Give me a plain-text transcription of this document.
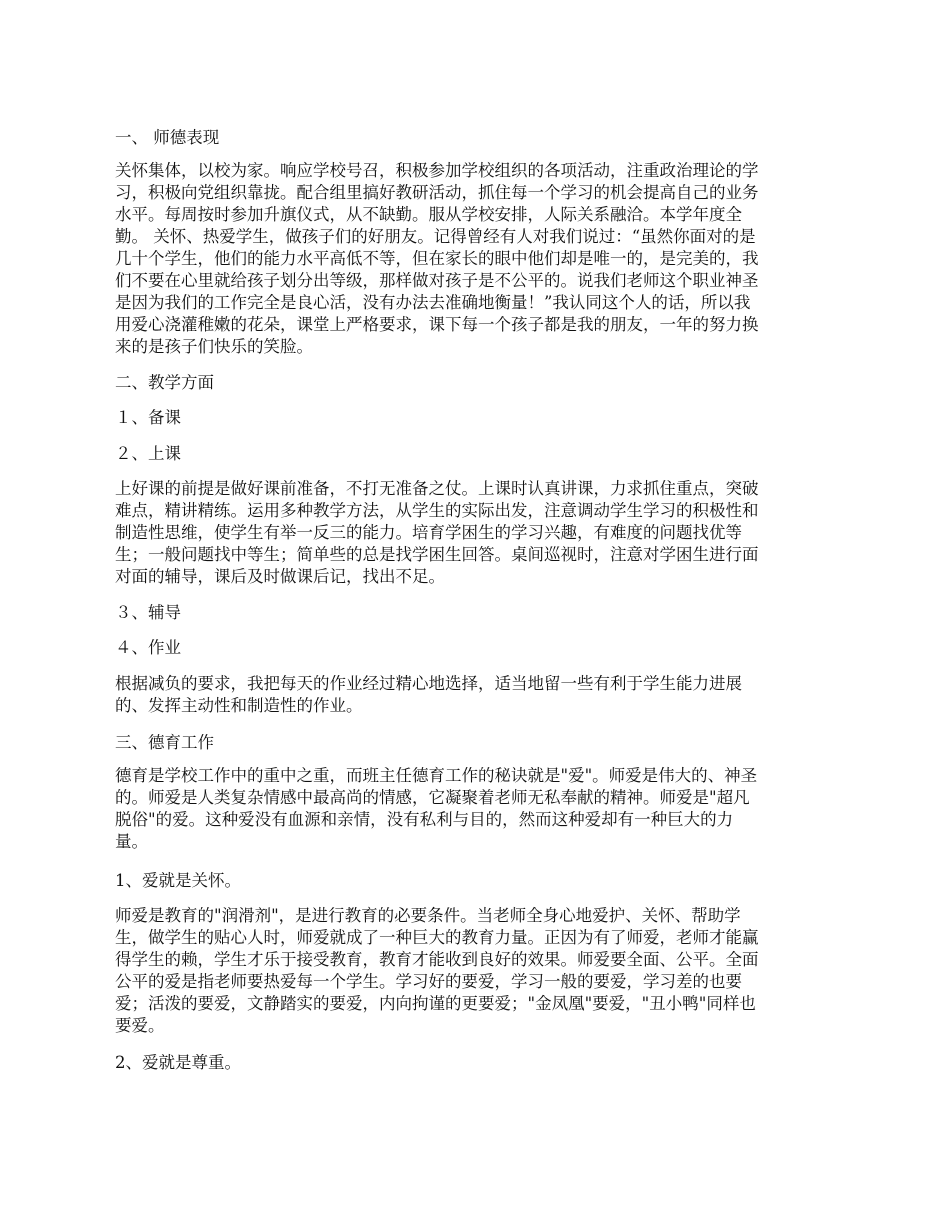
一、 师德表现

关怀集体，以校为家。响应学校号召，积极参加学校组织的各项活动，注重政治理论的学
习，积极向党组织靠拢。配合组里搞好教研活动，抓住每一个学习的机会提高自己的业务
水平。每周按时参加升旗仪式，从不缺勤。服从学校安排，人际关系融洽。本学年度全
勤。 关怀、热爱学生，做孩子们的好朋友。记得曾经有人对我们说过：“虽然你面对的是
几十个学生，他们的能力水平高低不等，但在家长的眼中他们却是唯一的，是完美的，我
们不要在心里就给孩子划分出等级，那样做对孩子是不公平的。说我们老师这个职业神圣
是因为我们的工作完全是良心活，没有办法去准确地衡量！”我认同这个人的话，所以我
用爱心浇灌稚嫩的花朵，课堂上严格要求，课下每一个孩子都是我的朋友，一年的努力换
来的是孩子们快乐的笑脸。

二、教学方面

１、备课

２、上课

上好课的前提是做好课前准备，不打无准备之仗。上课时认真讲课，力求抓住重点，突破
难点，精讲精练。运用多种教学方法，从学生的实际出发，注意调动学生学习的积极性和
制造性思维，使学生有举一反三的能力。培育学困生的学习兴趣，有难度的问题找优等
生；一般问题找中等生；简单些的总是找学困生回答。桌间巡视时，注意对学困生进行面
对面的辅导，课后及时做课后记，找出不足。

３、辅导

４、作业

根据减负的要求，我把每天的作业经过精心地选择，适当地留一些有利于学生能力进展
的、发挥主动性和制造性的作业。

三、德育工作

德育是学校工作中的重中之重，而班主任德育工作的秘诀就是"爱"。师爱是伟大的、神圣
的。师爱是人类复杂情感中最高尚的情感，它凝聚着老师无私奉献的精神。师爱是"超凡
脱俗"的爱。这种爱没有血源和亲情，没有私利与目的，然而这种爱却有一种巨大的力
量。

1、爱就是关怀。

师爱是教育的"润滑剂"，是进行教育的必要条件。当老师全身心地爱护、关怀、帮助学
生，做学生的贴心人时，师爱就成了一种巨大的教育力量。正因为有了师爱，老师才能赢
得学生的赖，学生才乐于接受教育，教育才能收到良好的效果。师爱要全面、公平。全面
公平的爱是指老师要热爱每一个学生。学习好的要爱，学习一般的要爱，学习差的也要
爱；活泼的要爱，文静踏实的要爱，内向拘谨的更要爱；"金凤凰"要爱，"丑小鸭"同样也
要爱。

2、爱就是尊重。
